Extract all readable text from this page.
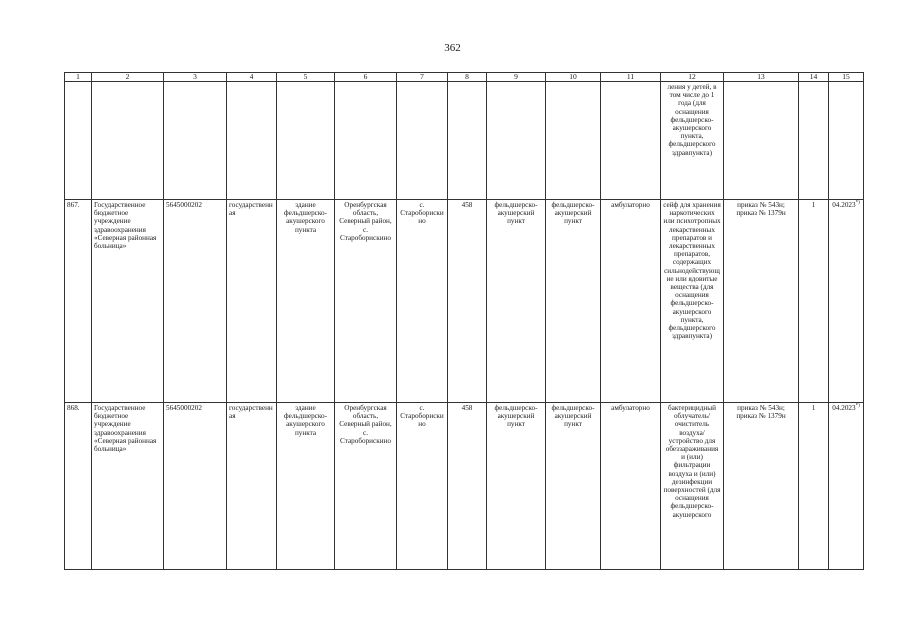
362
1	2	3	4	5	6	7	8	9	10	11	12	13	14	15
											ления у детей, в том числе до 1 года (для оснащения фельдшерско-акушерского пункта, фельдшерского здравпункта)			
867.	Государственное бюджетное учреждение здравоохранения «Северная районная больница»	5645000202	государственная	здание фельдшерско-акушерского пункта	Оренбургская область, Северный район, с. Староборискино	с. Староборискино	458	фельдшерско-акушерский пункт	фельдшерско-акушерский пункт	амбулаторно	сейф для хранения наркотических или психотропных лекарственных препаратов и лекарственных препаратов, содержащих сильнодействующие или ядовитые вещества (для оснащения фельдшерско-акушерского пункта, фельдшерского здравпункта)	приказ № 543н; приказ № 1379н	1	04.2023*)
868.	Государственное бюджетное учреждение здравоохранения «Северная районная больница»	5645000202	государственная	здание фельдшерско-акушерского пункта	Оренбургская область, Северный район, с. Староборискино	с. Староборискино	458	фельдшерско-акушерский пункт	фельдшерско-акушерский пункт	амбулаторно	бактерицидный облучатель/очиститель воздуха/устройство для обеззараживания и (или) фильтрации воздуха и (или) дезинфекции поверхностей (для оснащения фельдшерско-акушерского	приказ № 543н; приказ № 1379н	1	04.2023*)
